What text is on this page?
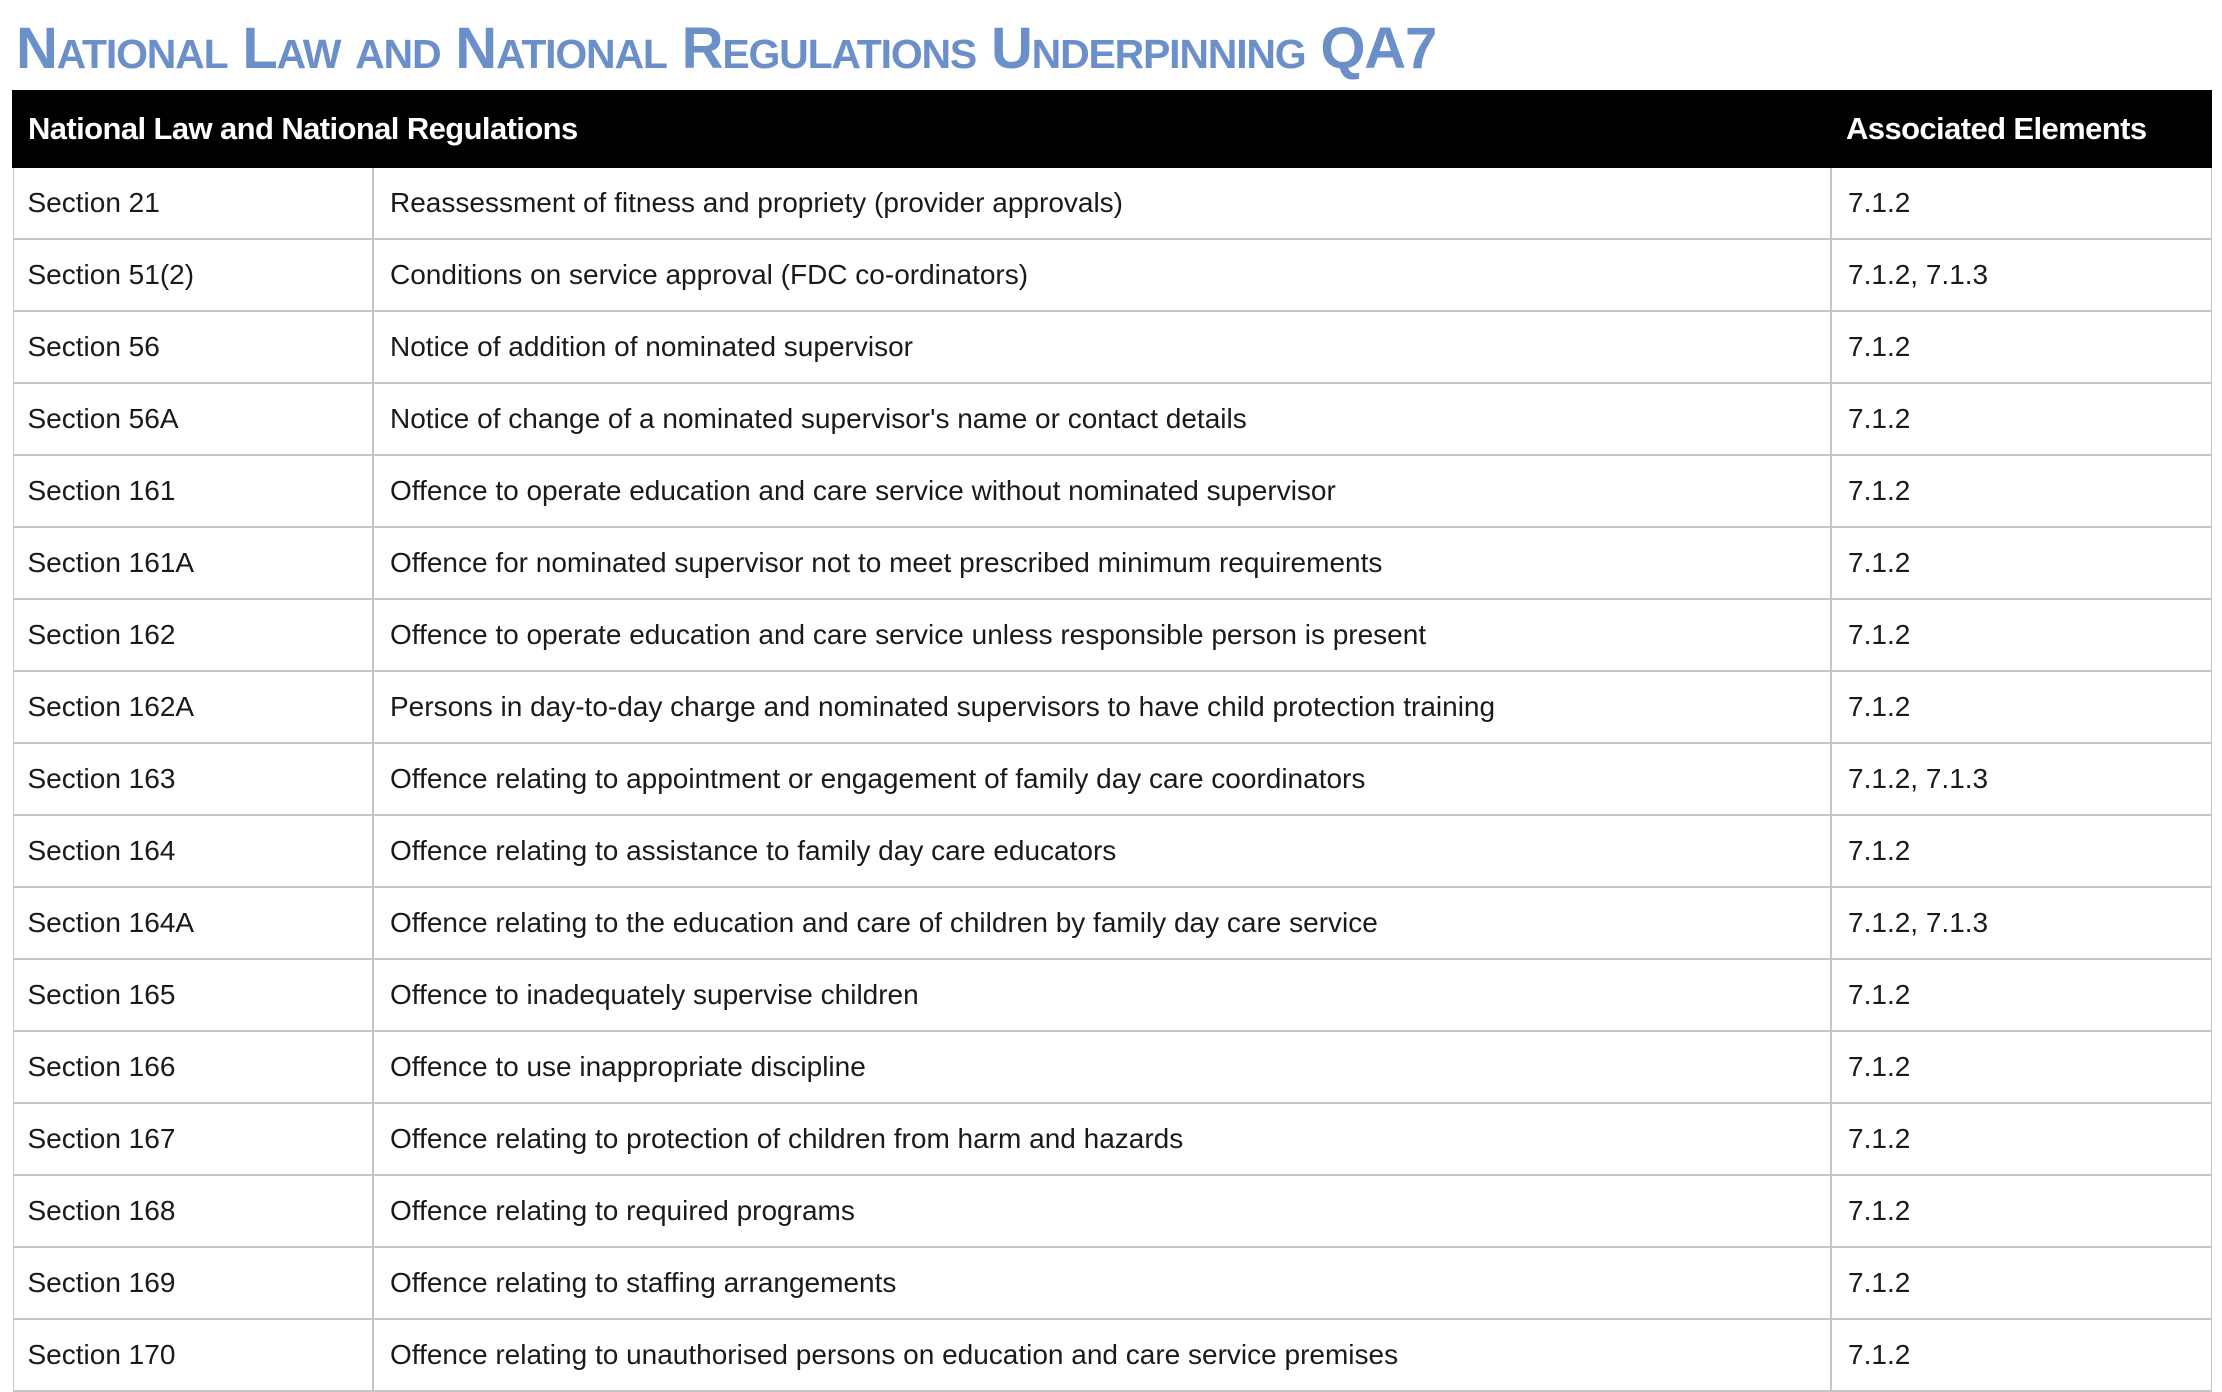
National Law and National Regulations Underpinning QA7
National Law and National Regulations		Associated Elements
Section 21	Reassessment of fitness and propriety (provider approvals)	7.1.2
Section 51(2)	Conditions on service approval (FDC co-ordinators)	7.1.2, 7.1.3
Section 56	Notice of addition of nominated supervisor	7.1.2
Section 56A	Notice of change of a nominated supervisor's name or contact details	7.1.2
Section 161	Offence to operate education and care service without nominated supervisor	7.1.2
Section 161A	Offence for nominated supervisor not to meet prescribed minimum requirements	7.1.2
Section 162	Offence to operate education and care service unless responsible person is present	7.1.2
Section 162A	Persons in day-to-day charge and nominated supervisors to have child protection training	7.1.2
Section 163	Offence relating to appointment or engagement of family day care coordinators	7.1.2, 7.1.3
Section 164	Offence relating to assistance to family day care educators	7.1.2
Section 164A	Offence relating to the education and care of children by family day care service	7.1.2, 7.1.3
Section 165	Offence to inadequately supervise children	7.1.2
Section 166	Offence to use inappropriate discipline	7.1.2
Section 167	Offence relating to protection of children from harm and hazards	7.1.2
Section 168	Offence relating to required programs	7.1.2
Section 169	Offence relating to staffing arrangements	7.1.2
Section 170	Offence relating to unauthorised persons on education and care service premises	7.1.2
